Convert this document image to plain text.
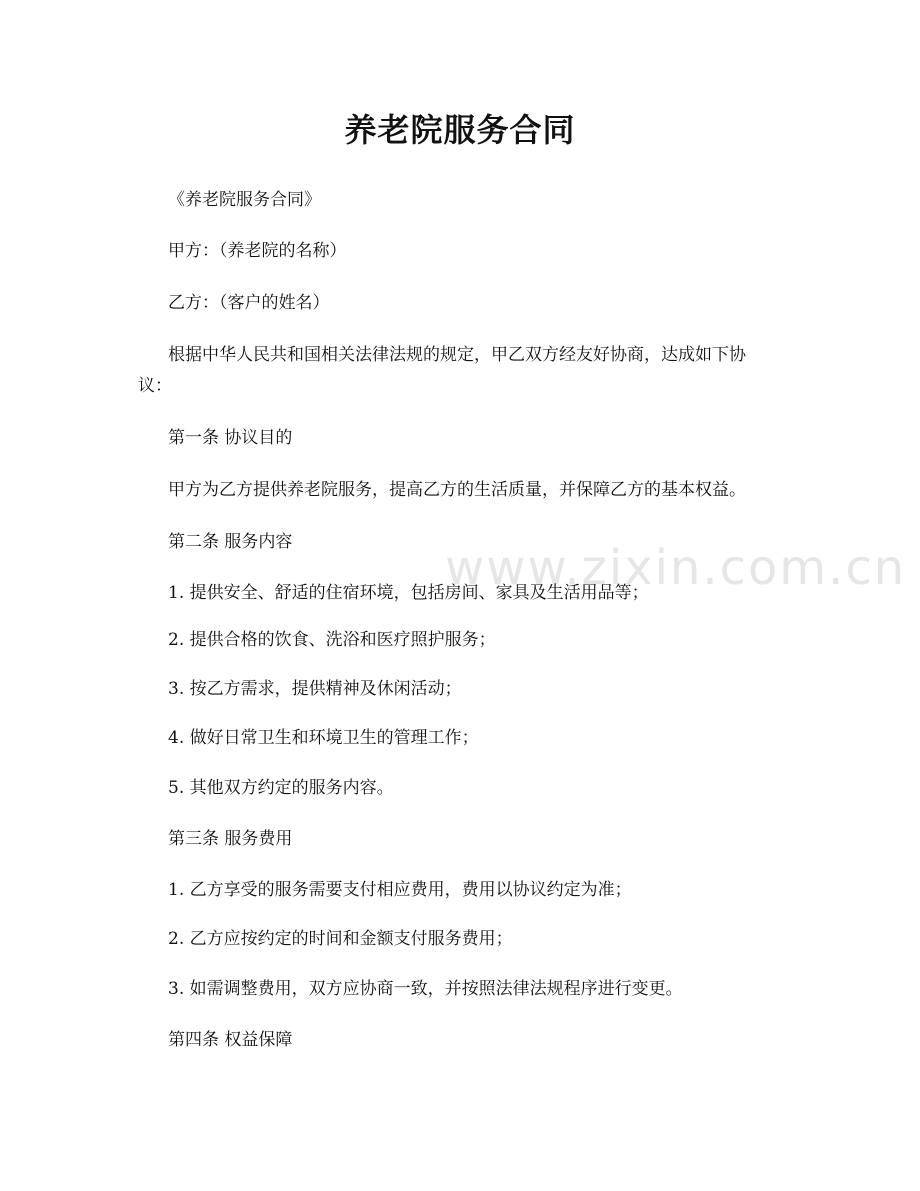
www.zixin.com.cn
养老院服务合同
《养老院服务合同》
甲方：（养老院的名称）
乙方：（客户的姓名）
根据中华人民共和国相关法律法规的规定，甲乙双方经友好协商，达成如下协
议：
第一条 协议目的
甲方为乙方提供养老院服务，提高乙方的生活质量，并保障乙方的基本权益。
第二条 服务内容
1. 提供安全、舒适的住宿环境，包括房间、家具及生活用品等；
2. 提供合格的饮食、洗浴和医疗照护服务；
3. 按乙方需求，提供精神及休闲活动；
4. 做好日常卫生和环境卫生的管理工作；
5. 其他双方约定的服务内容。
第三条 服务费用
1. 乙方享受的服务需要支付相应费用，费用以协议约定为准；
2. 乙方应按约定的时间和金额支付服务费用；
3. 如需调整费用，双方应协商一致，并按照法律法规程序进行变更。
第四条 权益保障
